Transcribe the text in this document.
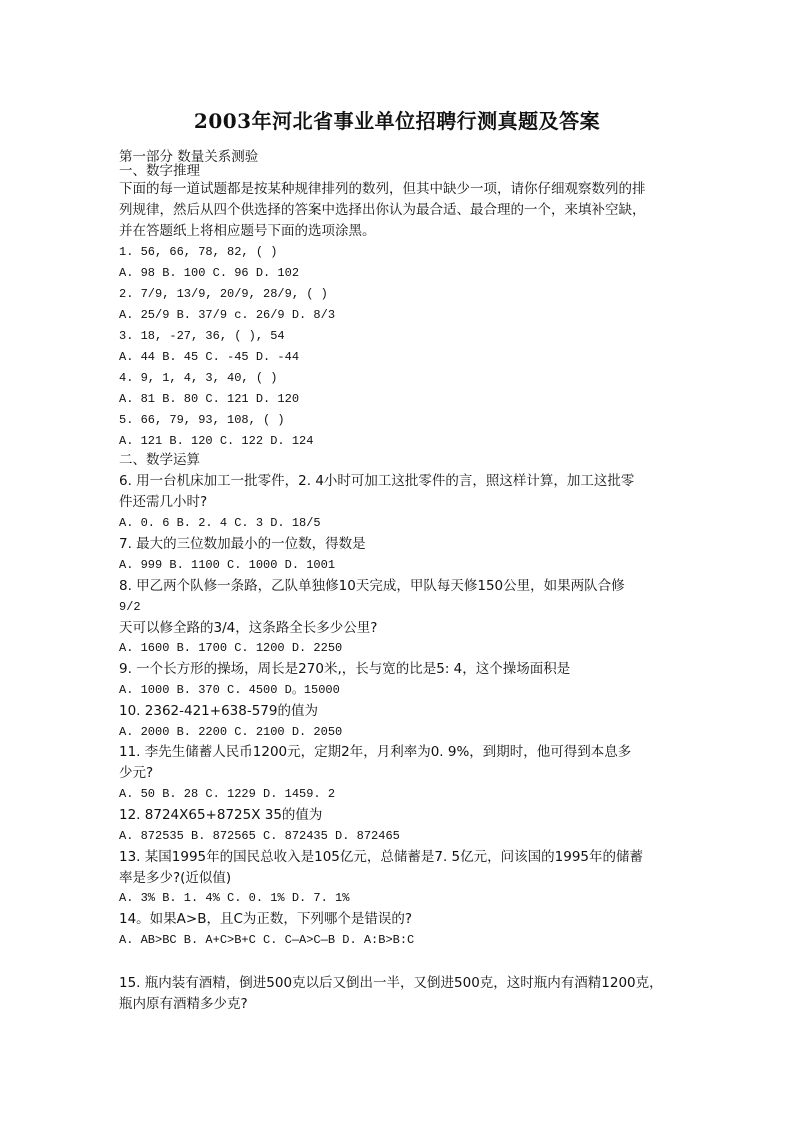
2003年河北省事业单位招聘行测真题及答案
第一部分 数量关系测验
一、数字推理
下面的每一道试题都是按某种规律排列的数列，但其中缺少一项，请你仔细观察数列的排
列规律，然后从四个供选择的答案中选择出你认为最合适、最合理的一个，来填补空缺，
并在答题纸上将相应题号下面的选项涂黑。
1. 56, 66, 78, 82, ( )
A. 98 B. 100 C. 96 D. 102
2. 7/9, 13/9, 20/9, 28/9, ( )
A. 25/9 B. 37/9 c. 26/9 D. 8/3
3. 18, -27, 36, ( ), 54
A. 44 B. 45 C. -45 D. -44
4. 9, 1, 4, 3, 40, ( )
A. 81 B. 80 C. 121 D. 120
5. 66, 79, 93, 108, ( )
A. 121 B. 120 C. 122 D. 124
二、数学运算
6. 用一台机床加工一批零件，2. 4小时可加工这批零件的言，照这样计算，加工这批零
件还需几小时?
A. 0. 6 B. 2. 4 C. 3 D. 18/5
7. 最大的三位数加最小的一位数，得数是
A. 999 B. 1100 C. 1000 D. 1001
8. 甲乙两个队修一条路，乙队单独修10天完成，甲队每天修150公里，如果两队合修
9/2
天可以修全路的3/4，这条路全长多少公里?
A. 1600 B. 1700 C. 1200 D. 2250
9. 一个长方形的操场，周长是270米,，长与宽的比是5: 4，这个操场面积是
A. 1000 B. 370 C. 4500 D。15000
10. 2362-421+638-579的值为
A. 2000 B. 2200 C. 2100 D. 2050
11. 李先生储蓄人民币1200元，定期2年，月利率为0. 9%，到期时，他可得到本息多
少元?
A. 50 B. 28 C. 1229 D. 1459. 2
12. 8724X65+8725X 35的值为
A. 872535 B. 872565 C. 872435 D. 872465
13. 某国1995年的国民总收入是105亿元，总储蓄是7. 5亿元，问该国的1995年的储蓄
率是多少?(近似值)
A. 3% B. 1. 4% C. 0. 1% D. 7. 1%
14。如果A>B，且C为正数，下列哪个是错误的?
A. AB>BC B. A+C>B+C C. C—A>C—B D. A:B>B:C
15. 瓶内装有酒精，倒进500克以后又倒出一半，又倒进500克，这时瓶内有酒精1200克，
瓶内原有酒精多少克?
